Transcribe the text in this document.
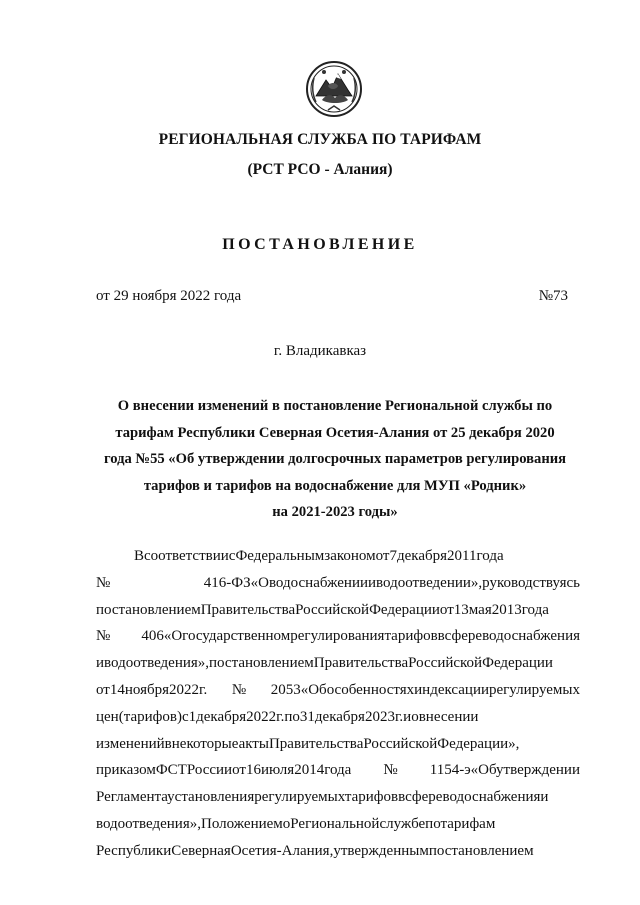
РЕГИОНАЛЬНАЯ СЛУЖБА ПО ТАРИФАМ
(РСТ РСО - Алания)
ПОСТАНОВЛЕНИЕ
от 29 ноября 2022 года	№73
г. Владикавказ
О внесении изменений в постановление Региональной службы по
тарифам Республики Северная Осетия-Алания от 25 декабря 2020
года №55 «Об утверждении долгосрочных параметров регулирования
тарифов и тарифов на водоснабжение для МУП «Родник»
на 2021-2023 годы»
ВсоответствиисФедеральнымзакономот7декабря2011года
№416-ФЗ«Оводоснабжениииводоотведении»,руководствуясь
постановлениемПравительстваРоссийскойФедерацииот13мая2013года
№406«Огосударственномрегулированиятарифоввсфереводоснабжения
иводоотведения»,постановлениемПравительстваРоссийскойФедерации
от14ноября2022г.№2053«Обособенностяхиндексациирегулируемых
цен(тарифов)с1декабря2022г.по31декабря2023г.иовнесении
измененийвнекоторыеактыПравительстваРоссийскойФедерации»,
приказомФСТРоссииот16июля2014года№1154-э«Обутверждении
Регламентаустановлениярегулируемыхтарифоввсфереводоснабженияи
водоотведения»,ПоложениемоРегиональнойслужбепотарифам
РеспубликиСевернаяОсетия-Алания,утвержденнымпостановлением
